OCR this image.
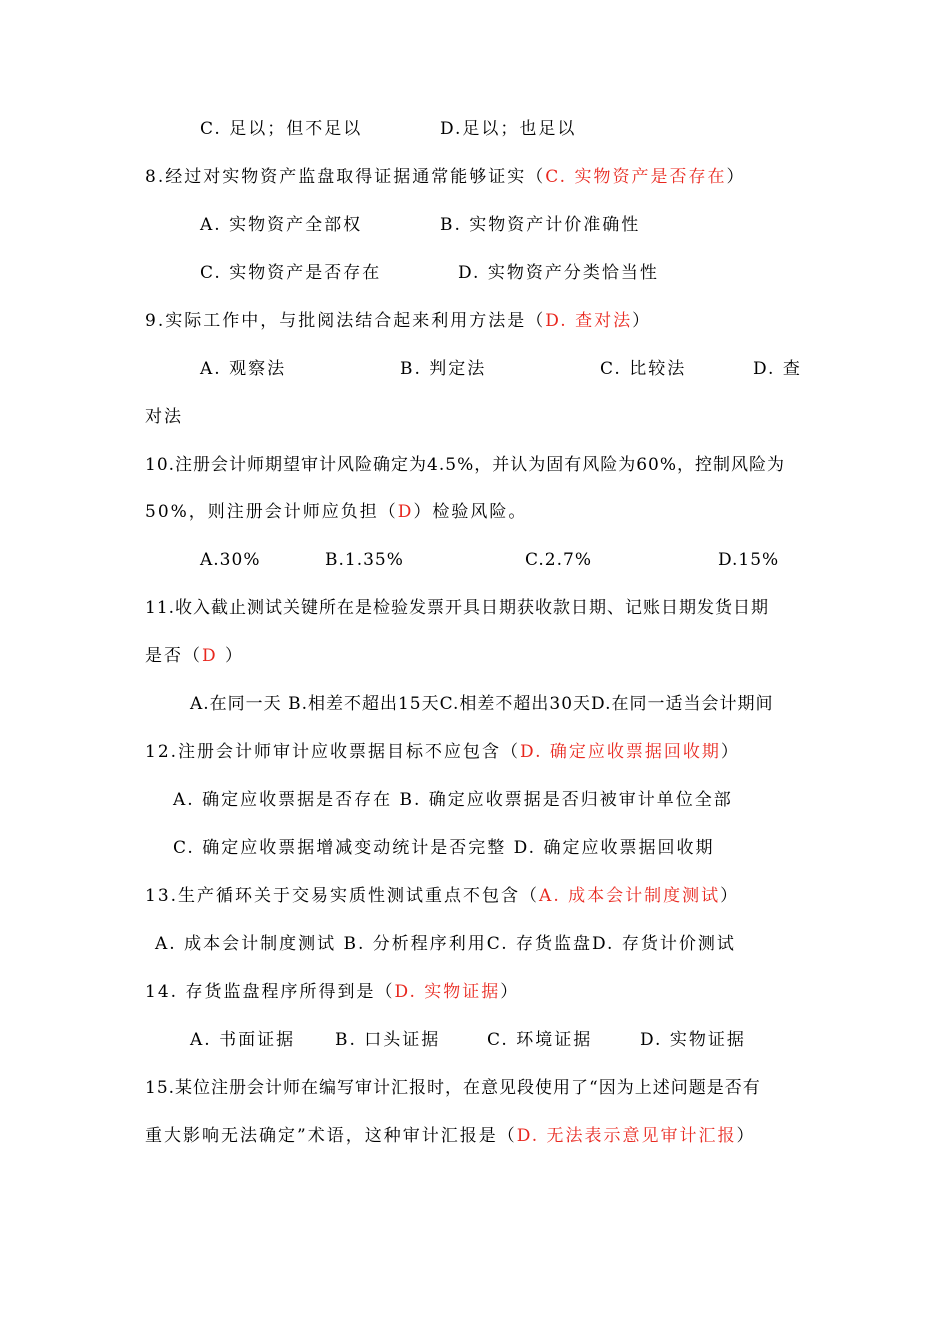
C. 足以；但不足以	D.足以；也足以
8.经过对实物资产监盘取得证据通常能够证实（C. 实物资产是否存在）
A. 实物资产全部权	B. 实物资产计价准确性
C. 实物资产是否存在	D. 实物资产分类恰当性
9.实际工作中，与批阅法结合起来利用方法是（D. 查对法）
A. 观察法	B. 判定法	C. 比较法	D. 查
对法
10.注册会计师期望审计风险确定为4.5%，并认为固有风险为60%，控制风险为
50%，则注册会计师应负担（D）检验风险。
A.30%	B.1.35%	C.2.7%	D.15%
11.收入截止测试关键所在是检验发票开具日期获收款日期、记账日期发货日期
是否（D ）
A.在同一天 B.相差不超出15天C.相差不超出30天D.在同一适当会计期间
12.注册会计师审计应收票据目标不应包含（D. 确定应收票据回收期）
A. 确定应收票据是否存在 B. 确定应收票据是否归被审计单位全部
C. 确定应收票据增减变动统计是否完整 D. 确定应收票据回收期
13.生产循环关于交易实质性测试重点不包含（A. 成本会计制度测试）
A. 成本会计制度测试 B. 分析程序利用C. 存货监盘D. 存货计价测试
14. 存货监盘程序所得到是（D. 实物证据）
A. 书面证据 B. 口头证据	C. 环境证据	D. 实物证据
15.某位注册会计师在编写审计汇报时，在意见段使用了“因为上述问题是否有
重大影响无法确定”术语，这种审计汇报是（D. 无法表示意见审计汇报）
